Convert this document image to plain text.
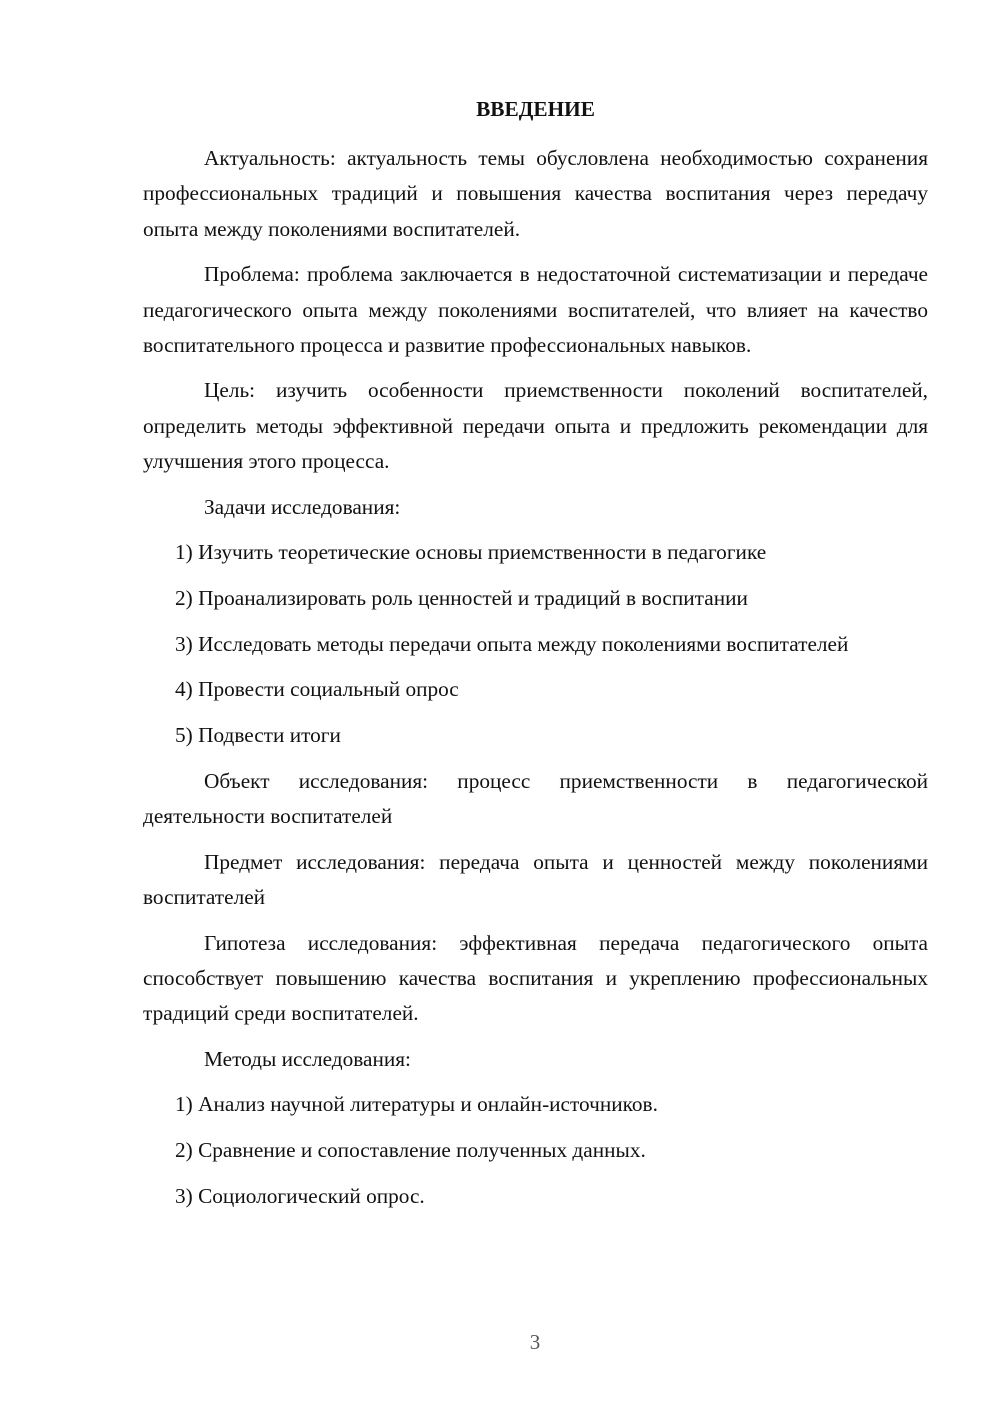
ВВЕДЕНИЕ

Актуальность: актуальность темы обусловлена необходимостью сохранения профессиональных традиций и повышения качества воспитания через передачу опыта между поколениями воспитателей.

Проблема: проблема заключается в недостаточной систематизации и передаче педагогического опыта между поколениями воспитателей, что влияет на качество воспитательного процесса и развитие профессиональных навыков.

Цель: изучить особенности приемственности поколений воспитателей, определить методы эффективной передачи опыта и предложить рекомендации для улучшения этого процесса.

Задачи исследования:

1) Изучить теоретические основы приемственности в педагогике

2) Проанализировать роль ценностей и традиций в воспитании

3) Исследовать методы передачи опыта между поколениями воспитателей

4) Провести социальный опрос

5) Подвести итоги

Объект исследования: процесс приемственности в педагогической деятельности воспитателей

Предмет исследования: передача опыта и ценностей между поколениями воспитателей

Гипотеза исследования: эффективная передача педагогического опыта способствует повышению качества воспитания и укреплению профессиональных традиций среди воспитателей.

Методы исследования:

1) Анализ научной литературы и онлайн-источников.

2) Сравнение и сопоставление полученных данных.

3) Социологический опрос.

3
